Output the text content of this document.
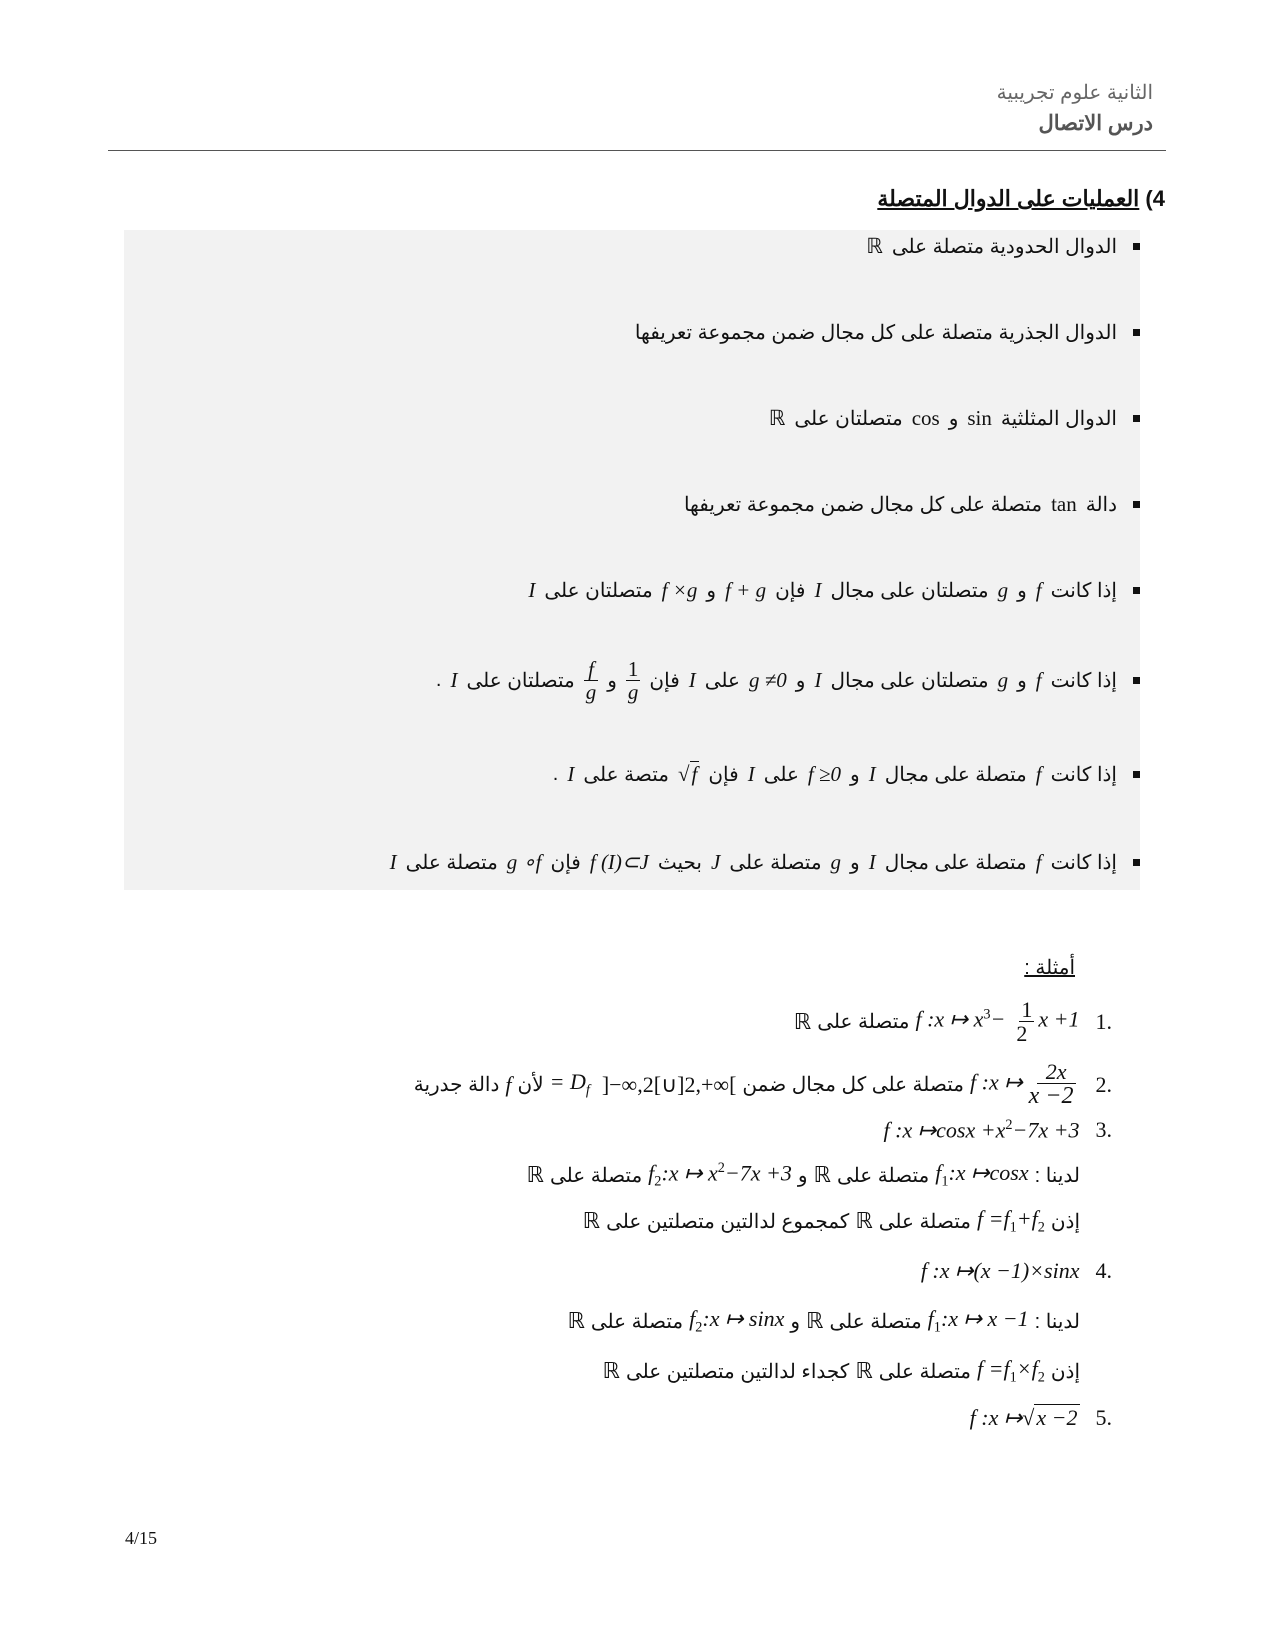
الثانية علوم تجريبية
درس الاتصال
4) العمليات على الدوال المتصلة
الدوال الحدودية متصلة على
ℝ
الدوال الجذرية متصلة على كل مجال ضمن مجموعة تعريفها
الدوال المثلثية
sin
و
cos
متصلتان على
ℝ
دالة
tan
متصلة على كل مجال ضمن مجموعة تعريفها
إذا كانت
f
و
g
متصلتان على مجال
I
فإن
f + g
و
f ×g
متصلتان على
I
إذا كانت
f
و
g
متصلتان على مجال
I
و
g ≠0
على
I
فإن
$\frac{1}{g}$
و
$\frac{f}{g}$
متصلتان على
I
.
إذا كانت
f
متصلة على مجال
I
و
f ≥0
على
I
فإن
√f
متصة على
I
.
إذا كانت
f
متصلة على مجال
I
و
g
متصلة على
J
بحيث
f (I)⊂J
فإن
g ∘f
متصلة على
I
أمثلة :
.1
f :x ↦ $x^3- \frac{1}{2}$ x +1
متصلة على
ℝ
.2
f :x ↦ $\frac{2x}{x -2}$
متصلة على كل مجال ضمن
]−∞,2[∪]2,+∞[
= $D_f$
لأن
f
دالة جدرية
.3
f :x ↦cosx $+x^2-7x +3$
لدينا :
$f_1:x$ ↦cosx
متصلة على
ℝ
و
$f_2:x$ ↦ $x^2-7x +3$
متصلة على
ℝ
إذن
$f =f_1+f_2$
متصلة على
ℝ
كمجموع لدالتين متصلتين على
ℝ
.4
f :x ↦(x −1)×sinx
لدينا :
$f_1:x$ ↦ x −1
متصلة على
ℝ
و
$f_2:x$ ↦ sinx
متصلة على
ℝ
إذن
$f =f_1\times f_2$
متصلة على
ℝ
كجداء لدالتين متصلتين على
ℝ
.5
f :x ↦√x −2
4/15
